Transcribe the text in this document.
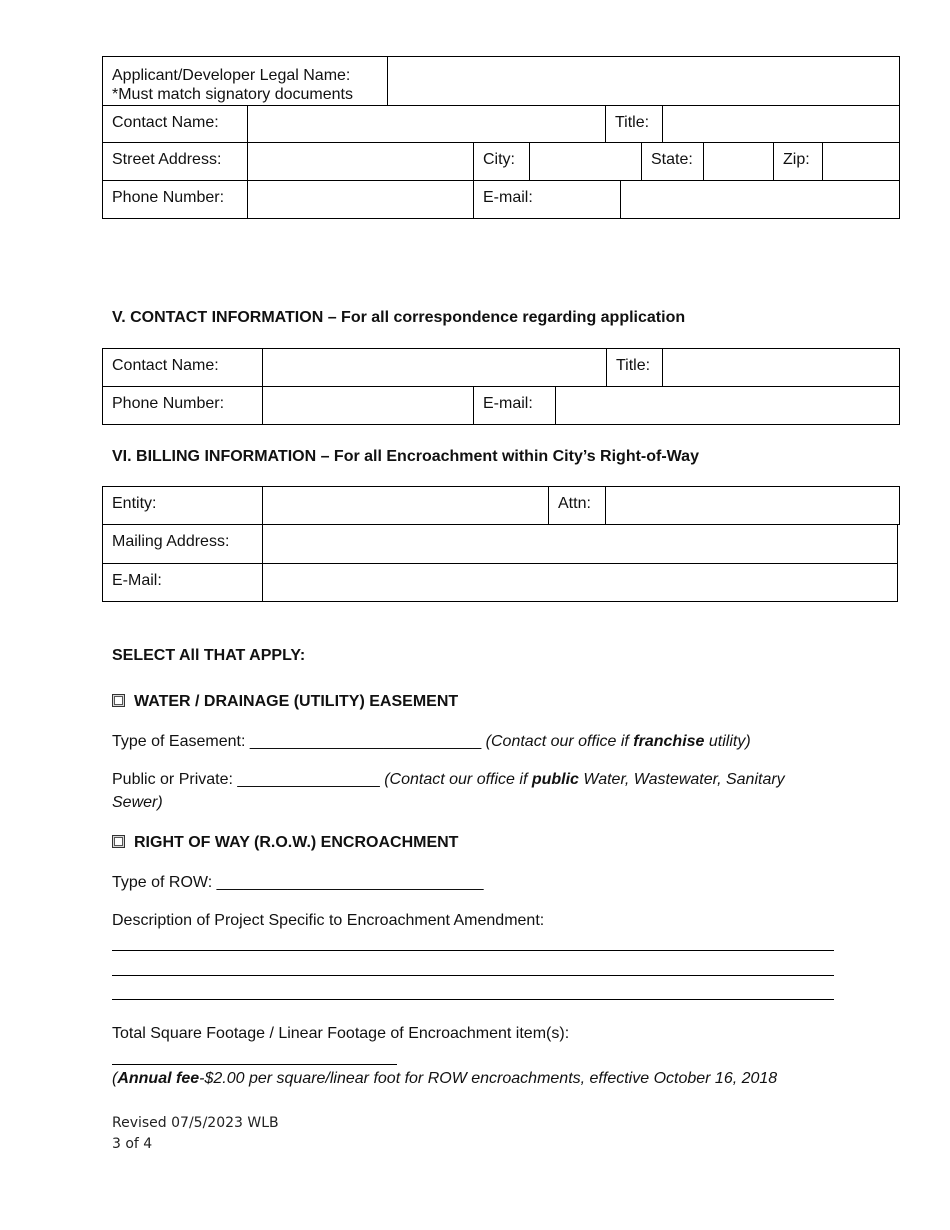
Applicant/Developer Legal Name:
*Must match signatory documents
Contact Name:	Title:
Street Address:	City:	State:	Zip:
Phone Number:	E-mail:
V. CONTACT INFORMATION – For all correspondence regarding application
Contact Name:	Title:
Phone Number:	E-mail:
VI. BILLING INFORMATION – For all Encroachment within City’s Right-of-Way
Entity:	Attn:
Mailing Address:
E-Mail:
SELECT All THAT APPLY:
WATER / DRAINAGE (UTILITY) EASEMENT
Type of Easement: __________________________ (Contact our office if franchise utility)
Public or Private: ________________ (Contact our office if public Water, Wastewater, Sanitary
Sewer)
RIGHT OF WAY (R.O.W.) ENCROACHMENT
Type of ROW: ______________________________
Description of Project Specific to Encroachment Amendment:
Total Square Footage / Linear Footage of Encroachment item(s):
(Annual fee-$2.00 per square/linear foot for ROW encroachments, effective October 16, 2018
Revised 07/5/2023 WLB
3 of 4
